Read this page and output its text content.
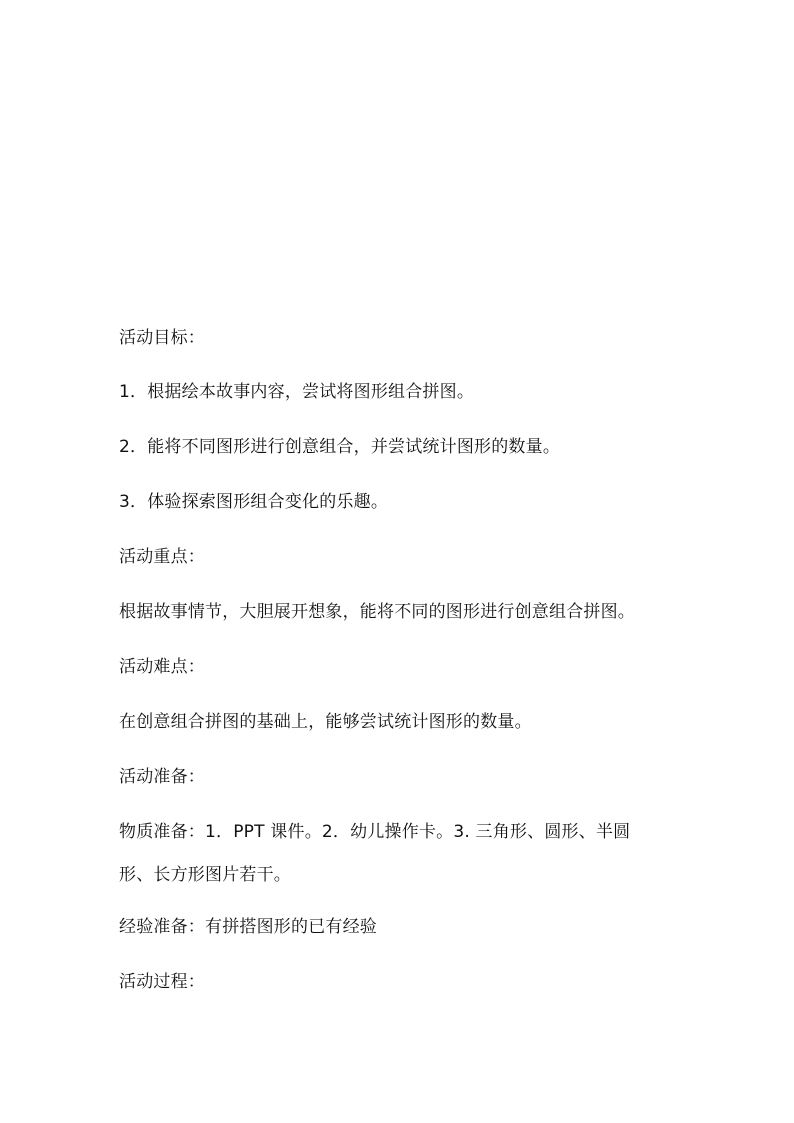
活动目标：
1．根据绘本故事内容，尝试将图形组合拼图。
2．能将不同图形进行创意组合，并尝试统计图形的数量。
3．体验探索图形组合变化的乐趣。
活动重点：
根据故事情节，大胆展开想象，能将不同的图形进行创意组合拼图。
活动难点：
在创意组合拼图的基础上，能够尝试统计图形的数量。
活动准备：
物质准备：1．PPT 课件。2．幼儿操作卡。3. 三角形、圆形、半圆
形、长方形图片若干。
经验准备：有拼搭图形的已有经验
活动过程：
